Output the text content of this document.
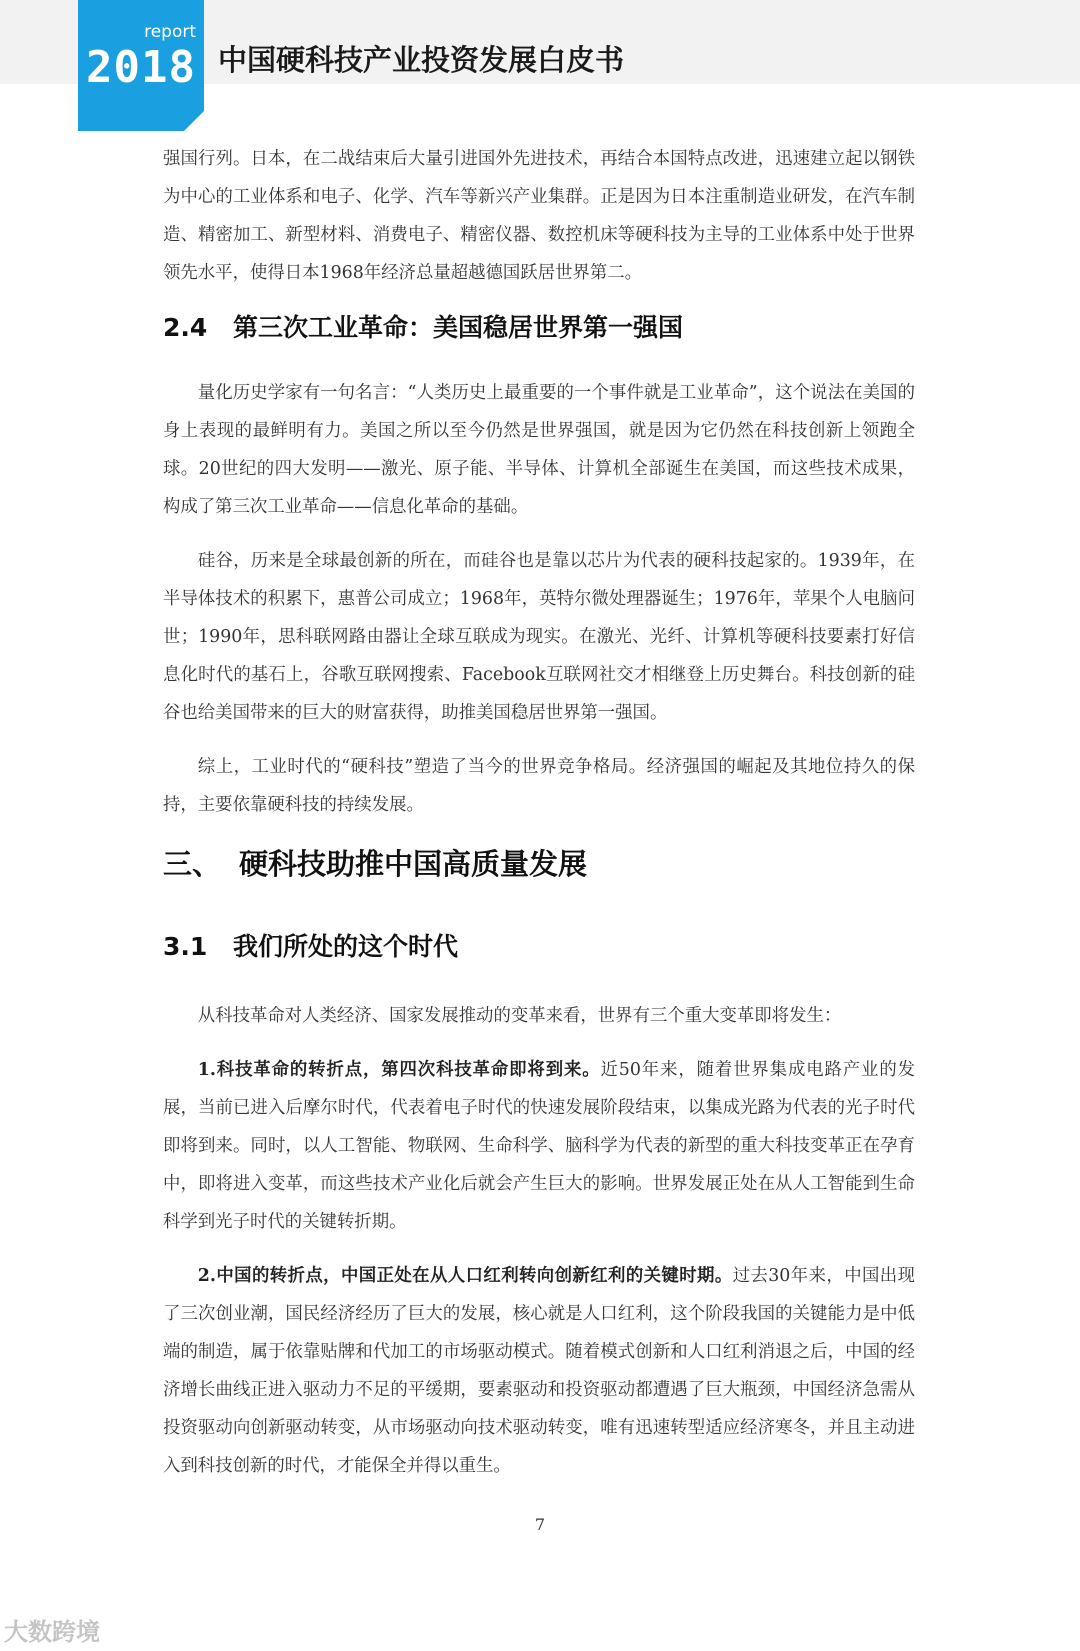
report
2018 中国硬科技产业投资发展白皮书

强国行列。日本，在二战结束后大量引进国外先进技术，再结合本国特点改进，迅速建立起以钢铁为中心的工业体系和电子、化学、汽车等新兴产业集群。正是因为日本注重制造业研发，在汽车制造、精密加工、新型材料、消费电子、精密仪器、数控机床等硬科技为主导的工业体系中处于世界领先水平，使得日本1968年经济总量超越德国跃居世界第二。

2.4 第三次工业革命：美国稳居世界第一强国

量化历史学家有一句名言：“人类历史上最重要的一个事件就是工业革命”，这个说法在美国的身上表现的最鲜明有力。美国之所以至今仍然是世界强国，就是因为它仍然在科技创新上领跑全球。20世纪的四大发明——激光、原子能、半导体、计算机全部诞生在美国，而这些技术成果，构成了第三次工业革命——信息化革命的基础。

硅谷，历来是全球最创新的所在，而硅谷也是靠以芯片为代表的硬科技起家的。1939年，在半导体技术的积累下，惠普公司成立；1968年，英特尔微处理器诞生；1976年，苹果个人电脑问世；1990年，思科联网路由器让全球互联成为现实。在激光、光纤、计算机等硬科技要素打好信息化时代的基石上，谷歌互联网搜索、Facebook互联网社交才相继登上历史舞台。科技创新的硅谷也给美国带来的巨大的财富获得，助推美国稳居世界第一强国。

综上，工业时代的“硬科技”塑造了当今的世界竞争格局。经济强国的崛起及其地位持久的保持，主要依靠硬科技的持续发展。

三、 硬科技助推中国高质量发展
3.1 我们所处的这个时代

从科技革命对人类经济、国家发展推动的变革来看，世界有三个重大变革即将发生：

1.科技革命的转折点，第四次科技革命即将到来。近50年来，随着世界集成电路产业的发展，当前已进入后摩尔时代，代表着电子时代的快速发展阶段结束，以集成光路为代表的光子时代即将到来。同时，以人工智能、物联网、生命科学、脑科学为代表的新型的重大科技变革正在孕育中，即将进入变革，而这些技术产业化后就会产生巨大的影响。世界发展正处在从人工智能到生命科学到光子时代的关键转折期。

2.中国的转折点，中国正处在从人口红利转向创新红利的关键时期。过去30年来，中国出现了三次创业潮，国民经济经历了巨大的发展，核心就是人口红利，这个阶段我国的关键能力是中低端的制造，属于依靠贴牌和代加工的市场驱动模式。随着模式创新和人口红利消退之后，中国的经济增长曲线正进入驱动力不足的平缓期，要素驱动和投资驱动都遭遇了巨大瓶颈，中国经济急需从投资驱动向创新驱动转变，从市场驱动向技术驱动转变，唯有迅速转型适应经济寒冬，并且主动进入到科技创新的时代，才能保全并得以重生。

7
大数跨境
